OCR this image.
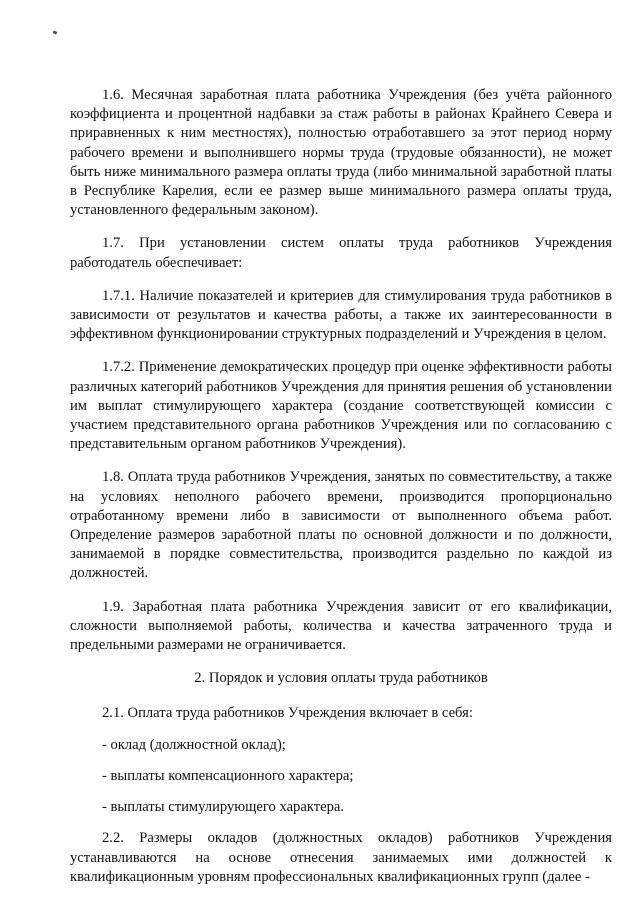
1.6. Месячная заработная плата работника Учреждения (без учёта районного коэффициента и процентной надбавки за стаж работы в районах Крайнего Севера и приравненных к ним местностях), полностью отработавшего за этот период норму рабочего времени и выполнившего нормы труда (трудовые обязанности), не может быть ниже минимального размера оплаты труда (либо минимальной заработной платы в Республике Карелия, если ее размер выше минимального размера оплаты труда, установленного федеральным законом).

1.7. При установлении систем оплаты труда работников Учреждения работодатель обеспечивает:

1.7.1. Наличие показателей и критериев для стимулирования труда работников в зависимости от результатов и качества работы, а также их заинтересованности в эффективном функционировании структурных подразделений и Учреждения в целом.

1.7.2. Применение демократических процедур при оценке эффективности работы различных категорий работников Учреждения для принятия решения об установлении им выплат стимулирующего характера (создание соответствующей комиссии с участием представительного органа работников Учреждения или по согласованию с представительным органом работников Учреждения).

1.8. Оплата труда работников Учреждения, занятых по совместительству, а также на условиях неполного рабочего времени, производится пропорционально отработанному времени либо в зависимости от выполненного объема работ. Определение размеров заработной платы по основной должности и по должности, занимаемой в порядке совместительства, производится раздельно по каждой из должностей.

1.9. Заработная плата работника Учреждения зависит от его квалификации, сложности выполняемой работы, количества и качества затраченного труда и предельными размерами не ограничивается.

2. Порядок и условия оплаты труда работников

2.1. Оплата труда работников Учреждения включает в себя:

- оклад (должностной оклад);

- выплаты компенсационного характера;

- выплаты стимулирующего характера.

2.2. Размеры окладов (должностных окладов) работников Учреждения устанавливаются на основе отнесения занимаемых ими должностей к квалификационным уровням профессиональных квалификационных групп (далее -
